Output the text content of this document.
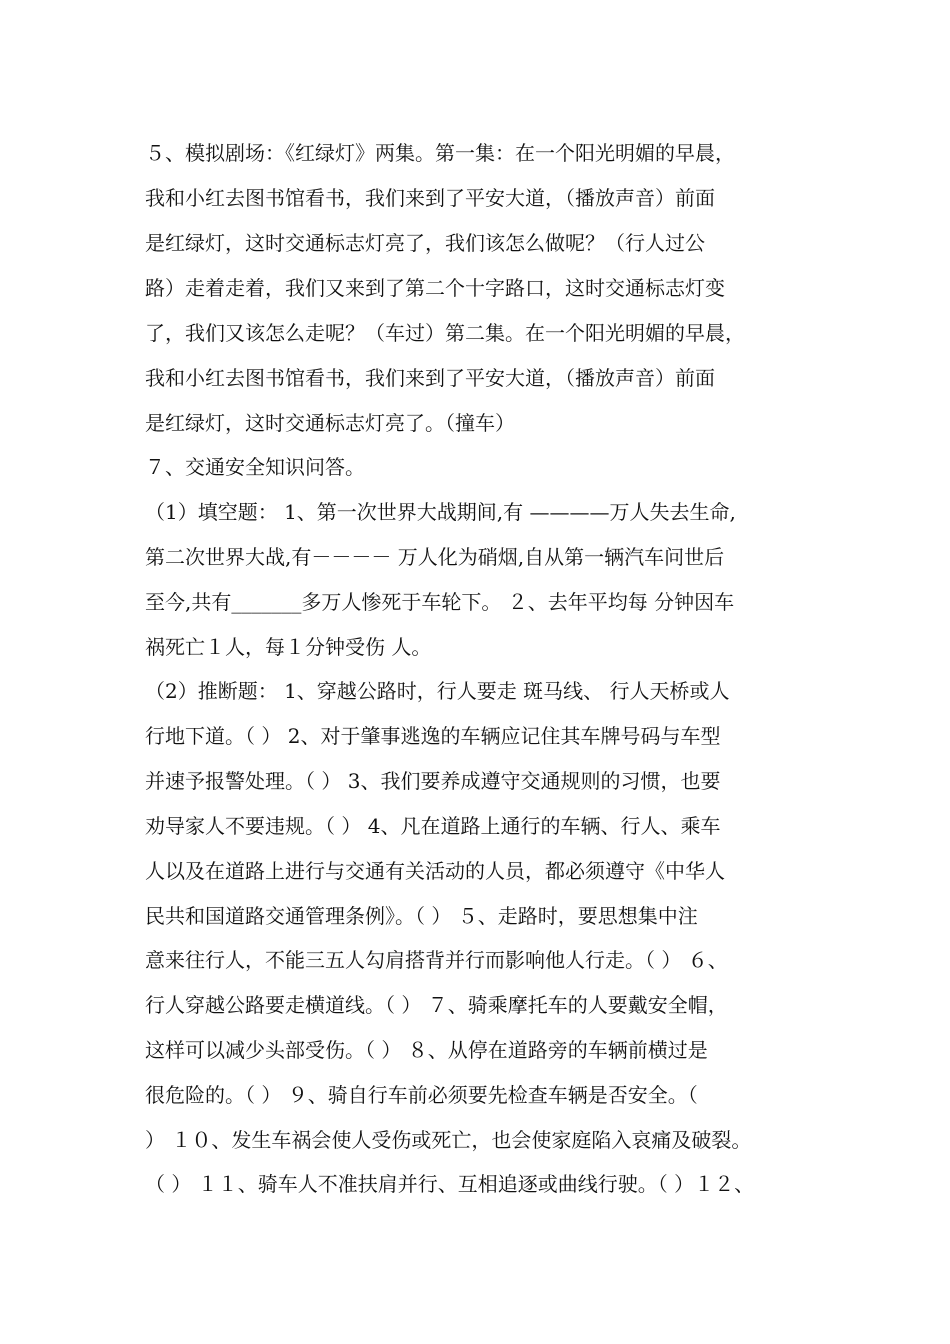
５、模拟剧场：《红绿灯》两集。第一集：在一个阳光明媚的早晨，
我和小红去图书馆看书，我们来到了平安大道，（播放声音）前面
是红绿灯，这时交通标志灯亮了，我们该怎么做呢？（行人过公
路）走着走着，我们又来到了第二个十字路口，这时交通标志灯变
了，我们又该怎么走呢？（车过）第二集。在一个阳光明媚的早晨，
我和小红去图书馆看书，我们来到了平安大道，（播放声音）前面
是红绿灯，这时交通标志灯亮了。（撞车）
７、交通安全知识问答。
（1）填空题： 1、第一次世界大战期间,有 ————万人失去生命,
第二次世界大战,有－－－－ 万人化为硝烟,自从第一辆汽车问世后
至今,共有_______多万人惨死于车轮下。 ２、去年平均每 分钟因车
祸死亡１人，每１分钟受伤 人。
（2）推断题： 1、穿越公路时，行人要走 斑马线、 行人天桥或人
行地下道。（ ） 2、对于肇事逃逸的车辆应记住其车牌号码与车型
并速予报警处理。（ ） 3、我们要养成遵守交通规则的习惯，也要
劝导家人不要违规。（ ） 4、凡在道路上通行的车辆、行人、乘车
人以及在道路上进行与交通有关活动的人员，都必须遵守《中华人
民共和国道路交通管理条例》。（ ） ５、走路时，要思想集中注
意来往行人，不能三五人勾肩搭背并行而影响他人行走。（ ） ６、
行人穿越公路要走横道线。（ ） ７、骑乘摩托车的人要戴安全帽，
这样可以减少头部受伤。（ ） ８、从停在道路旁的车辆前横过是
很危险的。（ ） ９、骑自行车前必须要先检查车辆是否安全。（
） １０、发生车祸会使人受伤或死亡，也会使家庭陷入哀痛及破裂。
（ ） １１、骑车人不准扶肩并行、互相追逐或曲线行驶。（ ）１２、
